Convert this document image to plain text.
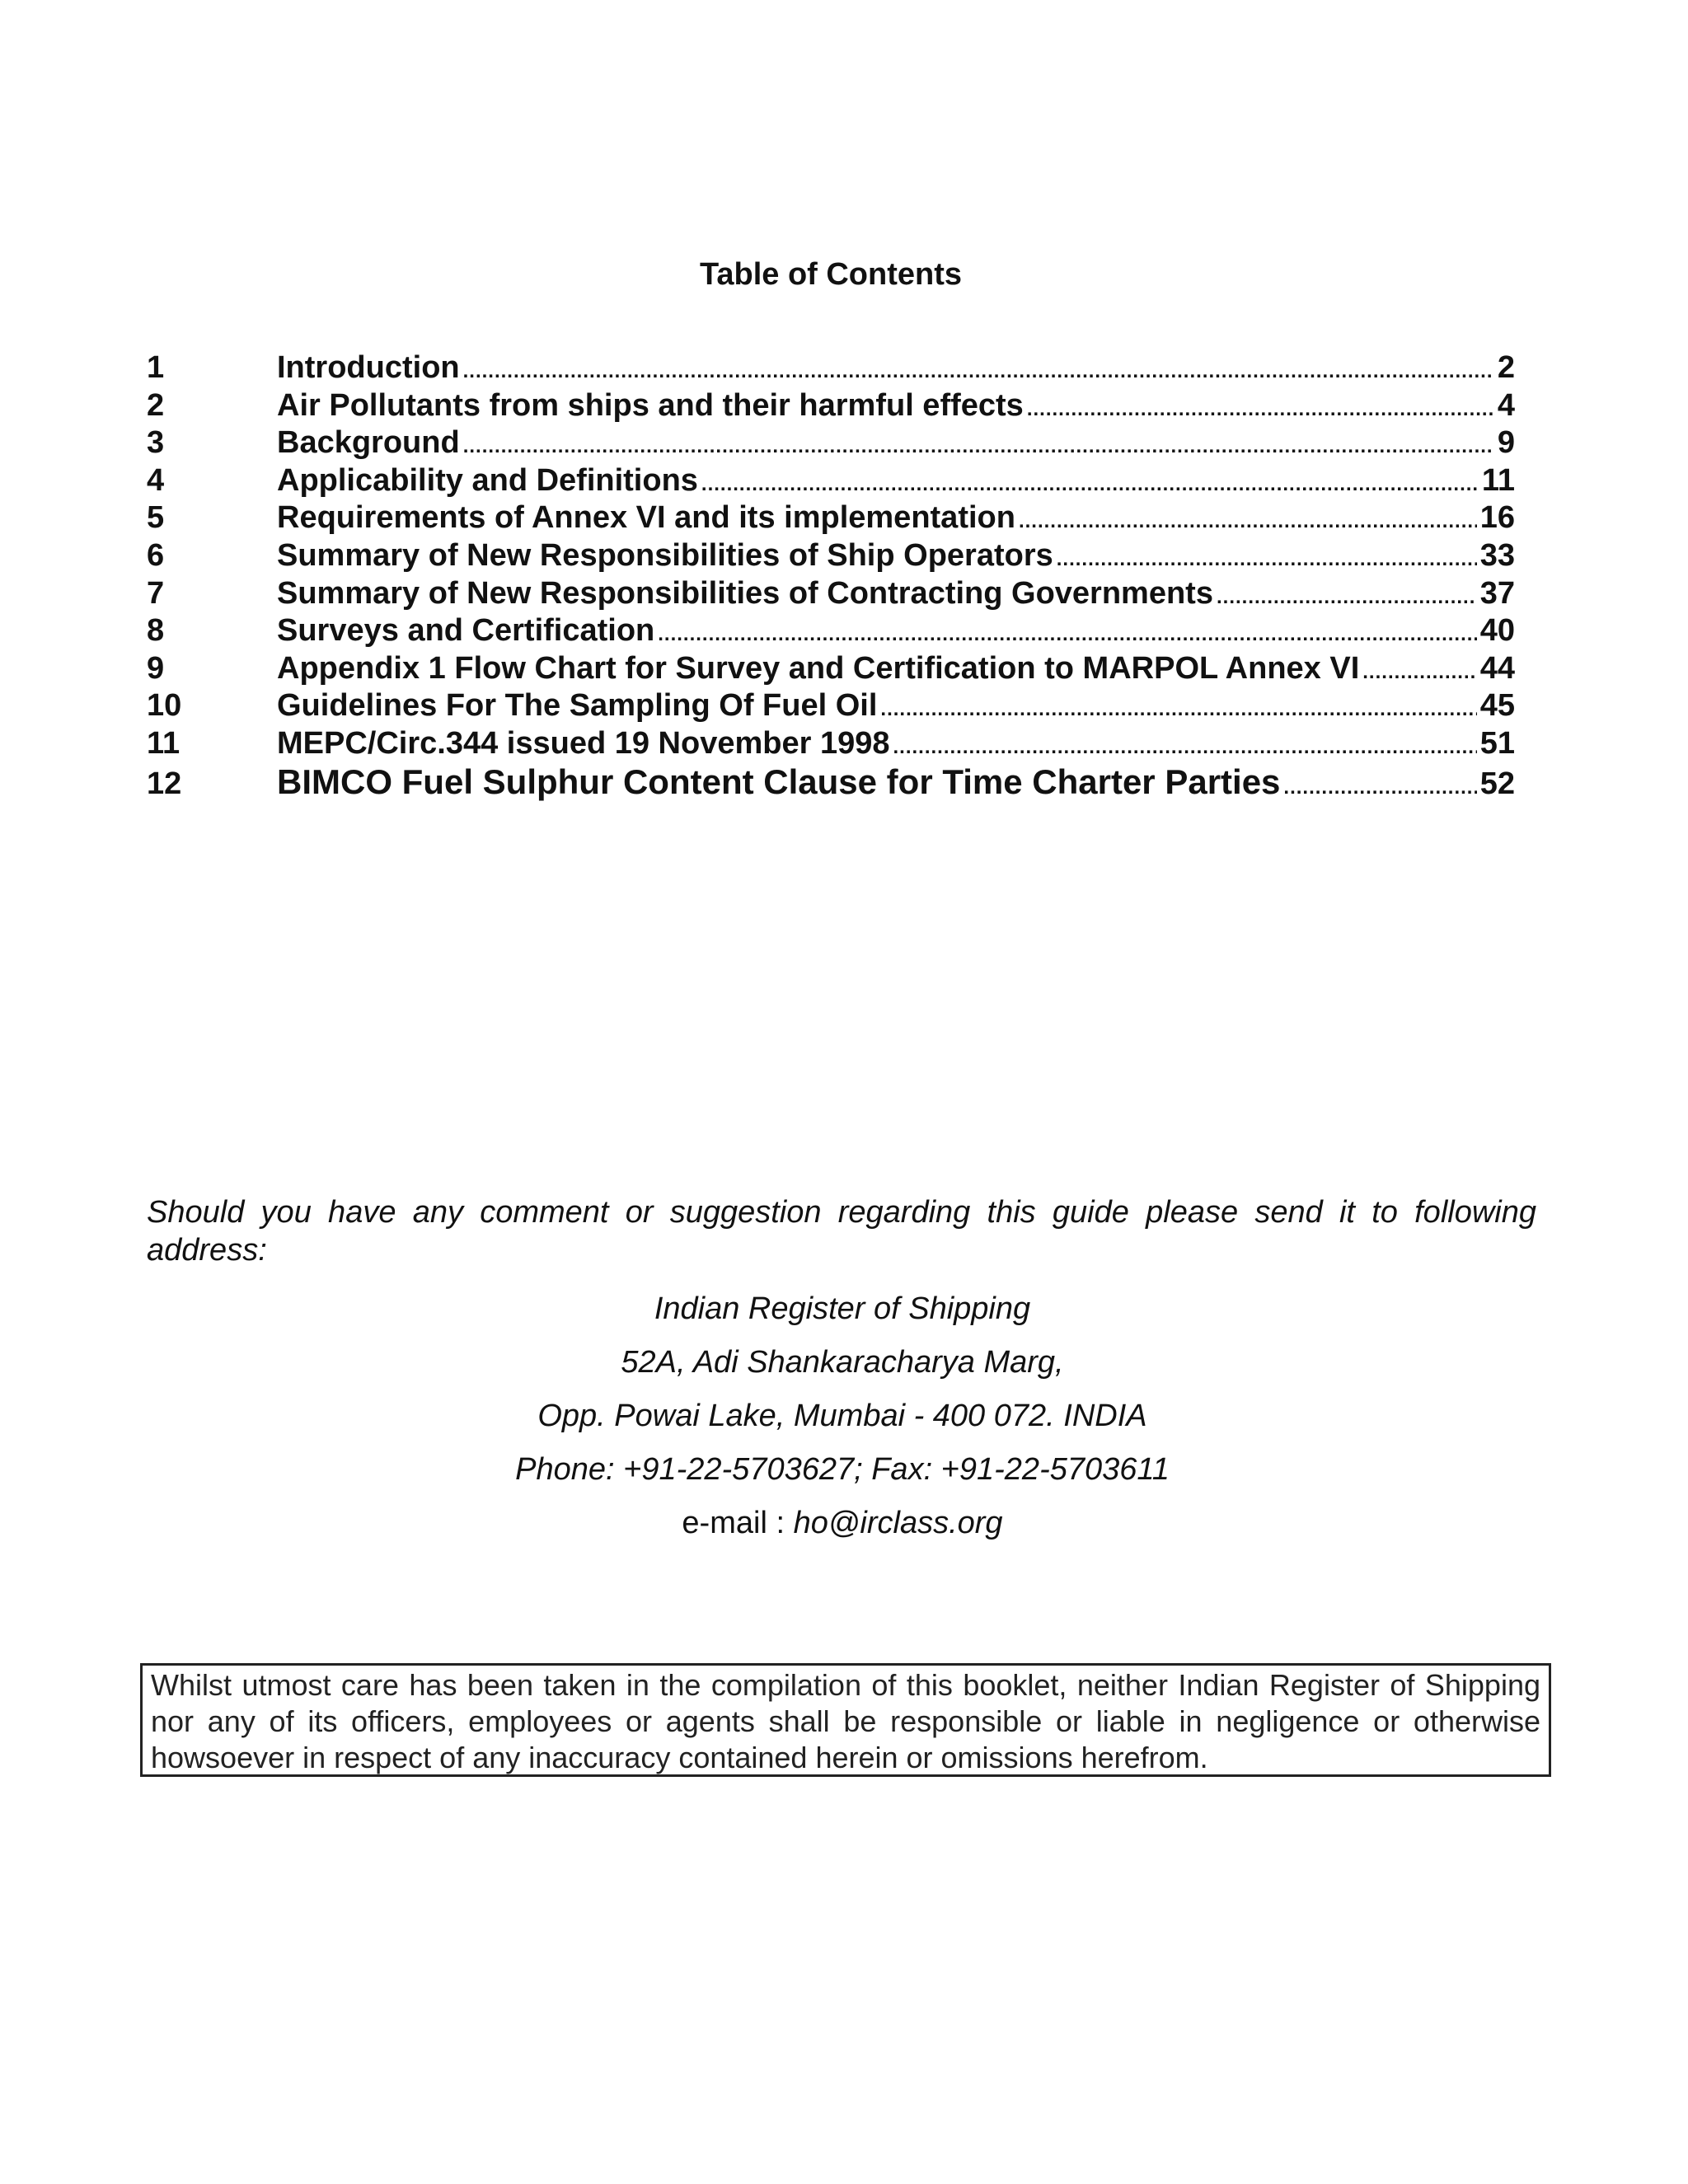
Table of Contents
1	Introduction .....	2
2	Air Pollutants from ships and their harmful effects .....	4
3	Background .....	9
4	Applicability and Definitions .....	11
5	Requirements of Annex VI and its implementation .....	16
6	Summary of New Responsibilities of Ship Operators .....	33
7	Summary of New Responsibilities of Contracting Governments .....	37
8	Surveys and Certification .....	40
9	Appendix 1 Flow Chart for Survey and Certification to MARPOL Annex VI .....	44
10	Guidelines For The Sampling Of Fuel Oil .....	45
11	MEPC/Circ.344 issued 19 November 1998 .....	51
12	BIMCO Fuel Sulphur Content Clause for Time Charter Parties .....	52

Should you have any comment or suggestion regarding this guide please send it to following address:

Indian Register of Shipping
52A, Adi Shankaracharya Marg,
Opp. Powai Lake, Mumbai - 400 072. INDIA
Phone: +91-22-5703627; Fax: +91-22-5703611
e-mail : ho@irclass.org
Whilst utmost care has been taken in the compilation of this booklet, neither Indian Register of Shipping nor any of its officers, employees or agents shall be responsible or liable in negligence or otherwise howsoever in respect of any inaccuracy contained herein or omissions herefrom.
